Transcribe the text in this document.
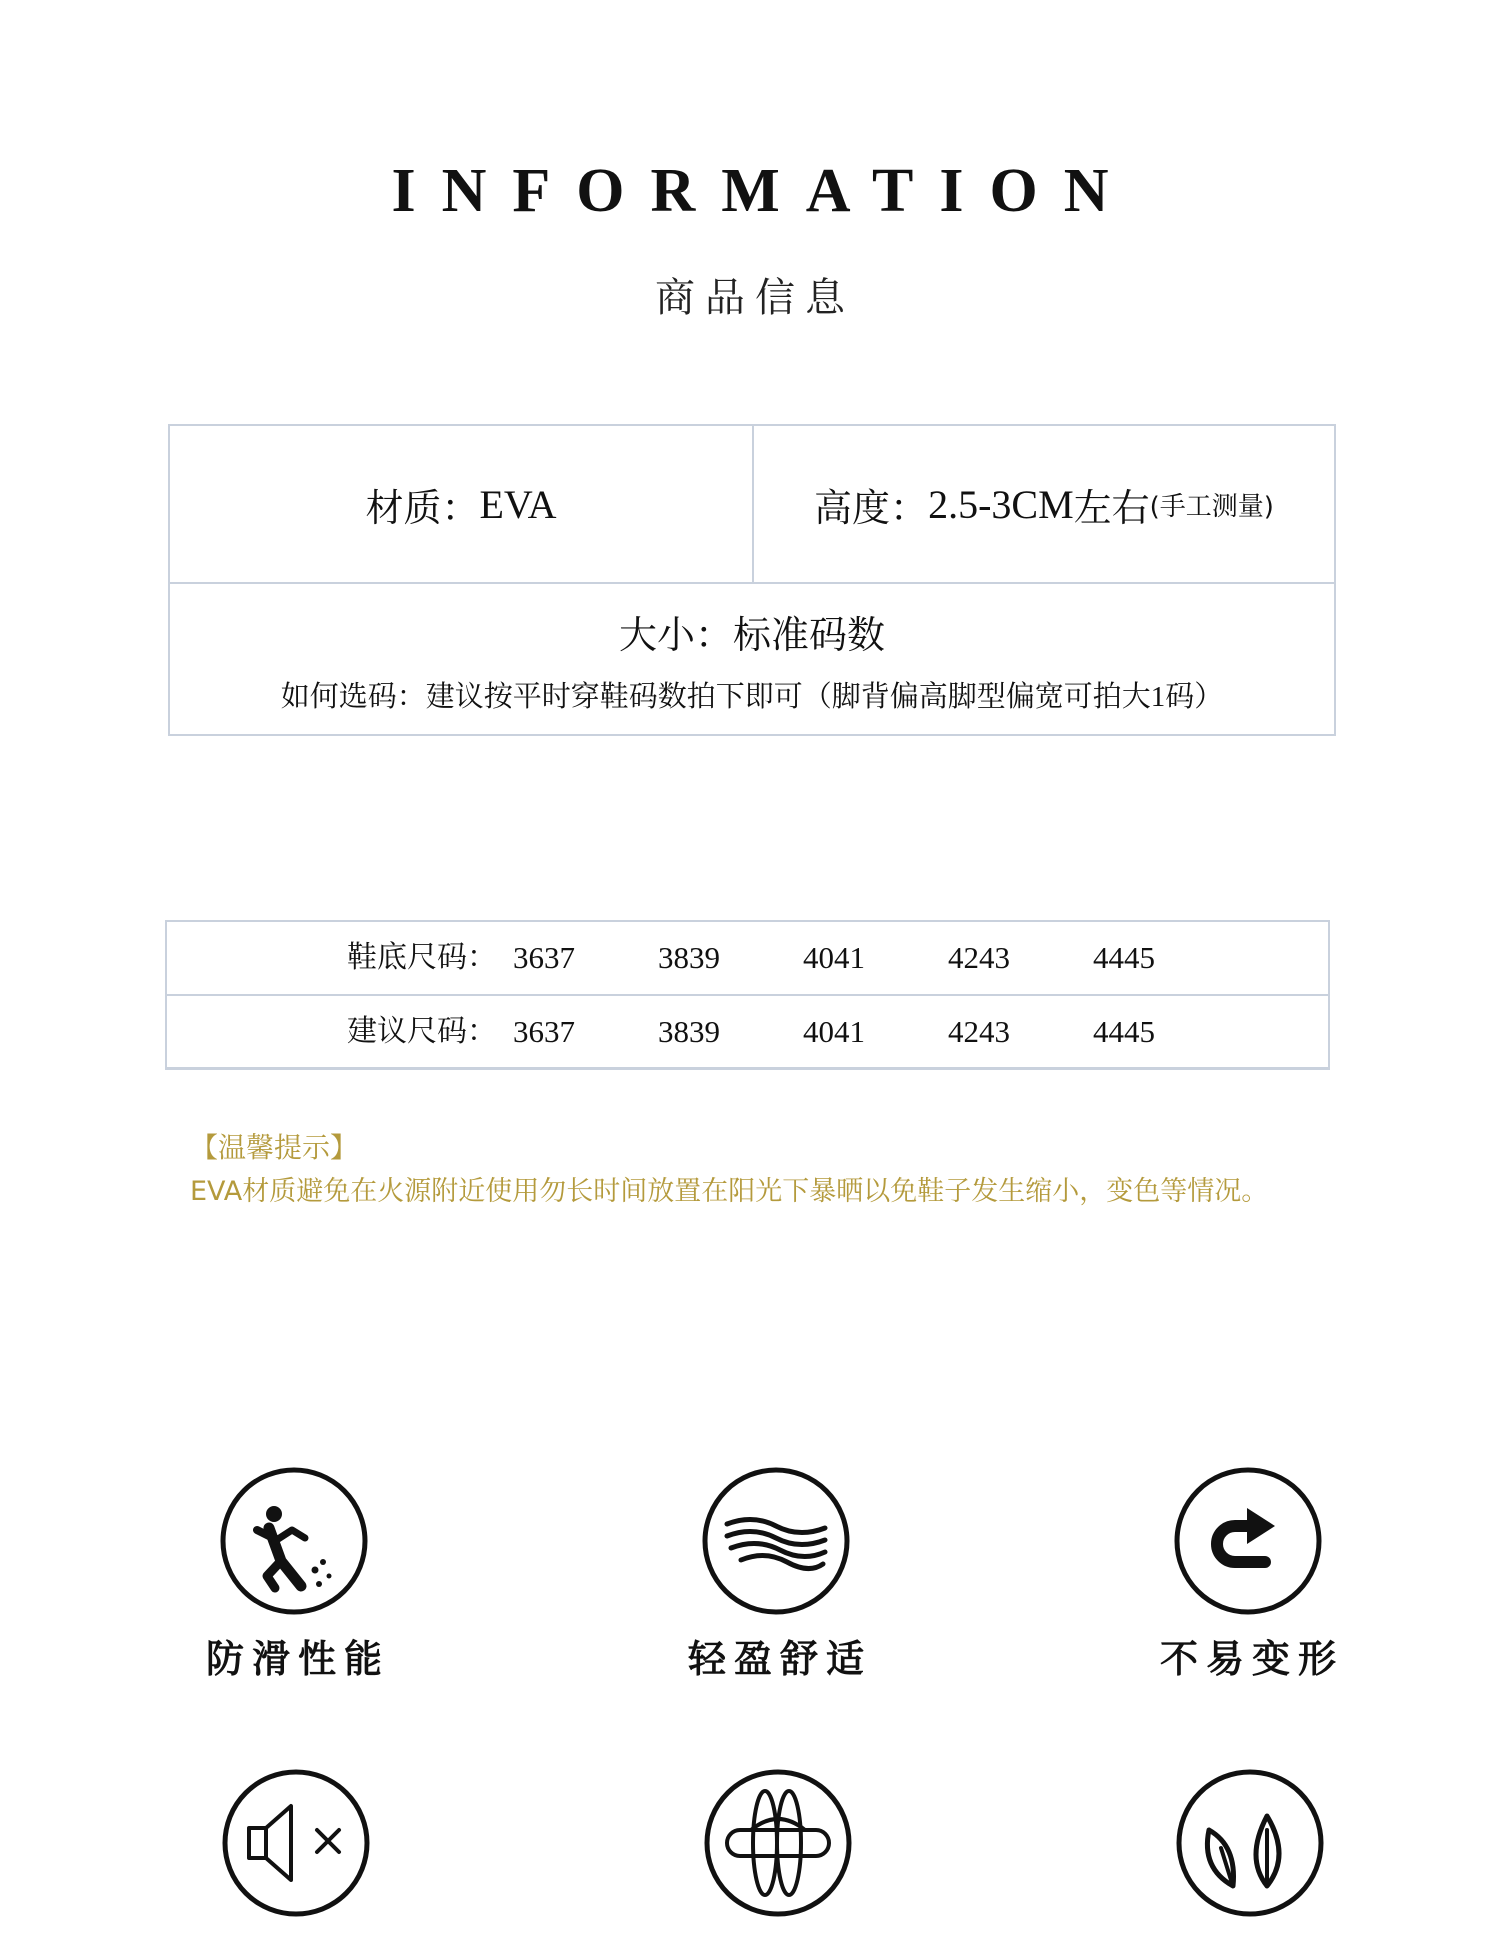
INFORMATION
商品信息
材质： EVA	高度： 2.5-3CM 左右 (手工测量)
大小：标准码数
如何选码：建议按平时穿鞋码数拍下即可（脚背偏高脚型偏宽可拍大1码）
鞋底尺码： 3637	3839	4041	4243	4445
建议尺码： 3637	3839	4041	4243	4445
【温馨提示】
EVA材质避免在火源附近使用勿长时间放置在阳光下暴晒以免鞋子发生缩小，变色等情况。
防滑性能	轻盈舒适	不易变形
